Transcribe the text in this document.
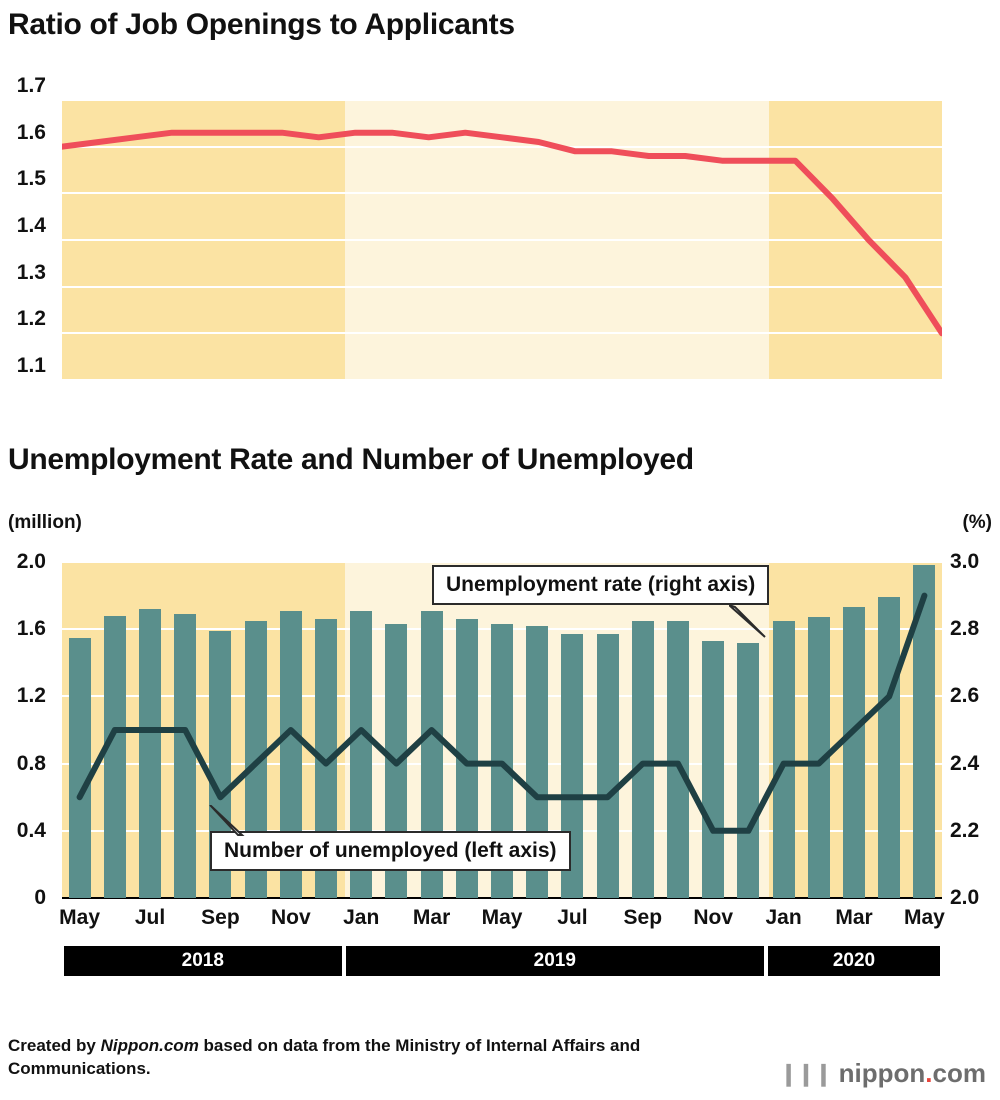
Ratio of Job Openings to Applicants
1.1
1.2
1.3
1.4
1.5
1.6
1.7
Unemployment Rate and Number of Unemployed
(million)	(%)
0
0.4
0.8
1.2
1.6
2.0
2.0
2.2
2.4
2.6
2.8
3.0
Unemployment rate (right axis)
Number of unemployed (left axis)
May Jul Sep Nov Jan Mar May Jul Sep Nov Jan Mar May
2018	2019	2020
Created by Nippon.com based on data from the Ministry of Internal Affairs and Communications.	❙❙❙ nippon . com
